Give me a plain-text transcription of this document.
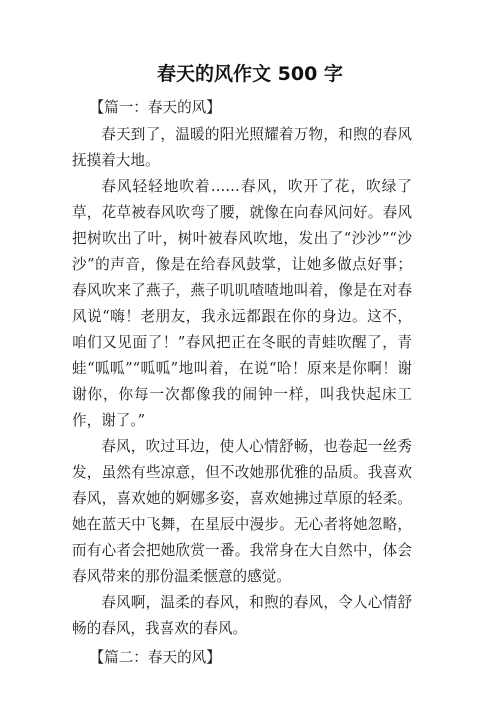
春天的风作文 500 字

【篇一：春天的风】

春天到了，温暖的阳光照耀着万物，和煦的春风抚摸着大地。

春风轻轻地吹着……春风，吹开了花，吹绿了草，花草被春风吹弯了腰，就像在向春风问好。春风把树吹出了叶，树叶被春风吹地，发出了“沙沙”“沙沙”的声音，像是在给春风鼓掌，让她多做点好事；春风吹来了燕子，燕子叽叽喳喳地叫着，像是在对春风说“嗨！老朋友，我永远都跟在你的身边。这不，咱们又见面了！”春风把正在冬眠的青蛙吹醒了，青蛙“呱呱”“呱呱”地叫着，在说“哈！原来是你啊！谢谢你，你每一次都像我的闹钟一样，叫我快起床工作，谢了。”

春风，吹过耳边，使人心情舒畅，也卷起一丝秀发，虽然有些凉意，但不改她那优雅的品质。我喜欢春风，喜欢她的婀娜多姿，喜欢她拂过草原的轻柔。她在蓝天中飞舞，在星辰中漫步。无心者将她忽略，而有心者会把她欣赏一番。我常身在大自然中，体会春风带来的那份温柔惬意的感觉。

春风啊，温柔的春风，和煦的春风，令人心情舒畅的春风，我喜欢的春风。

【篇二：春天的风】
